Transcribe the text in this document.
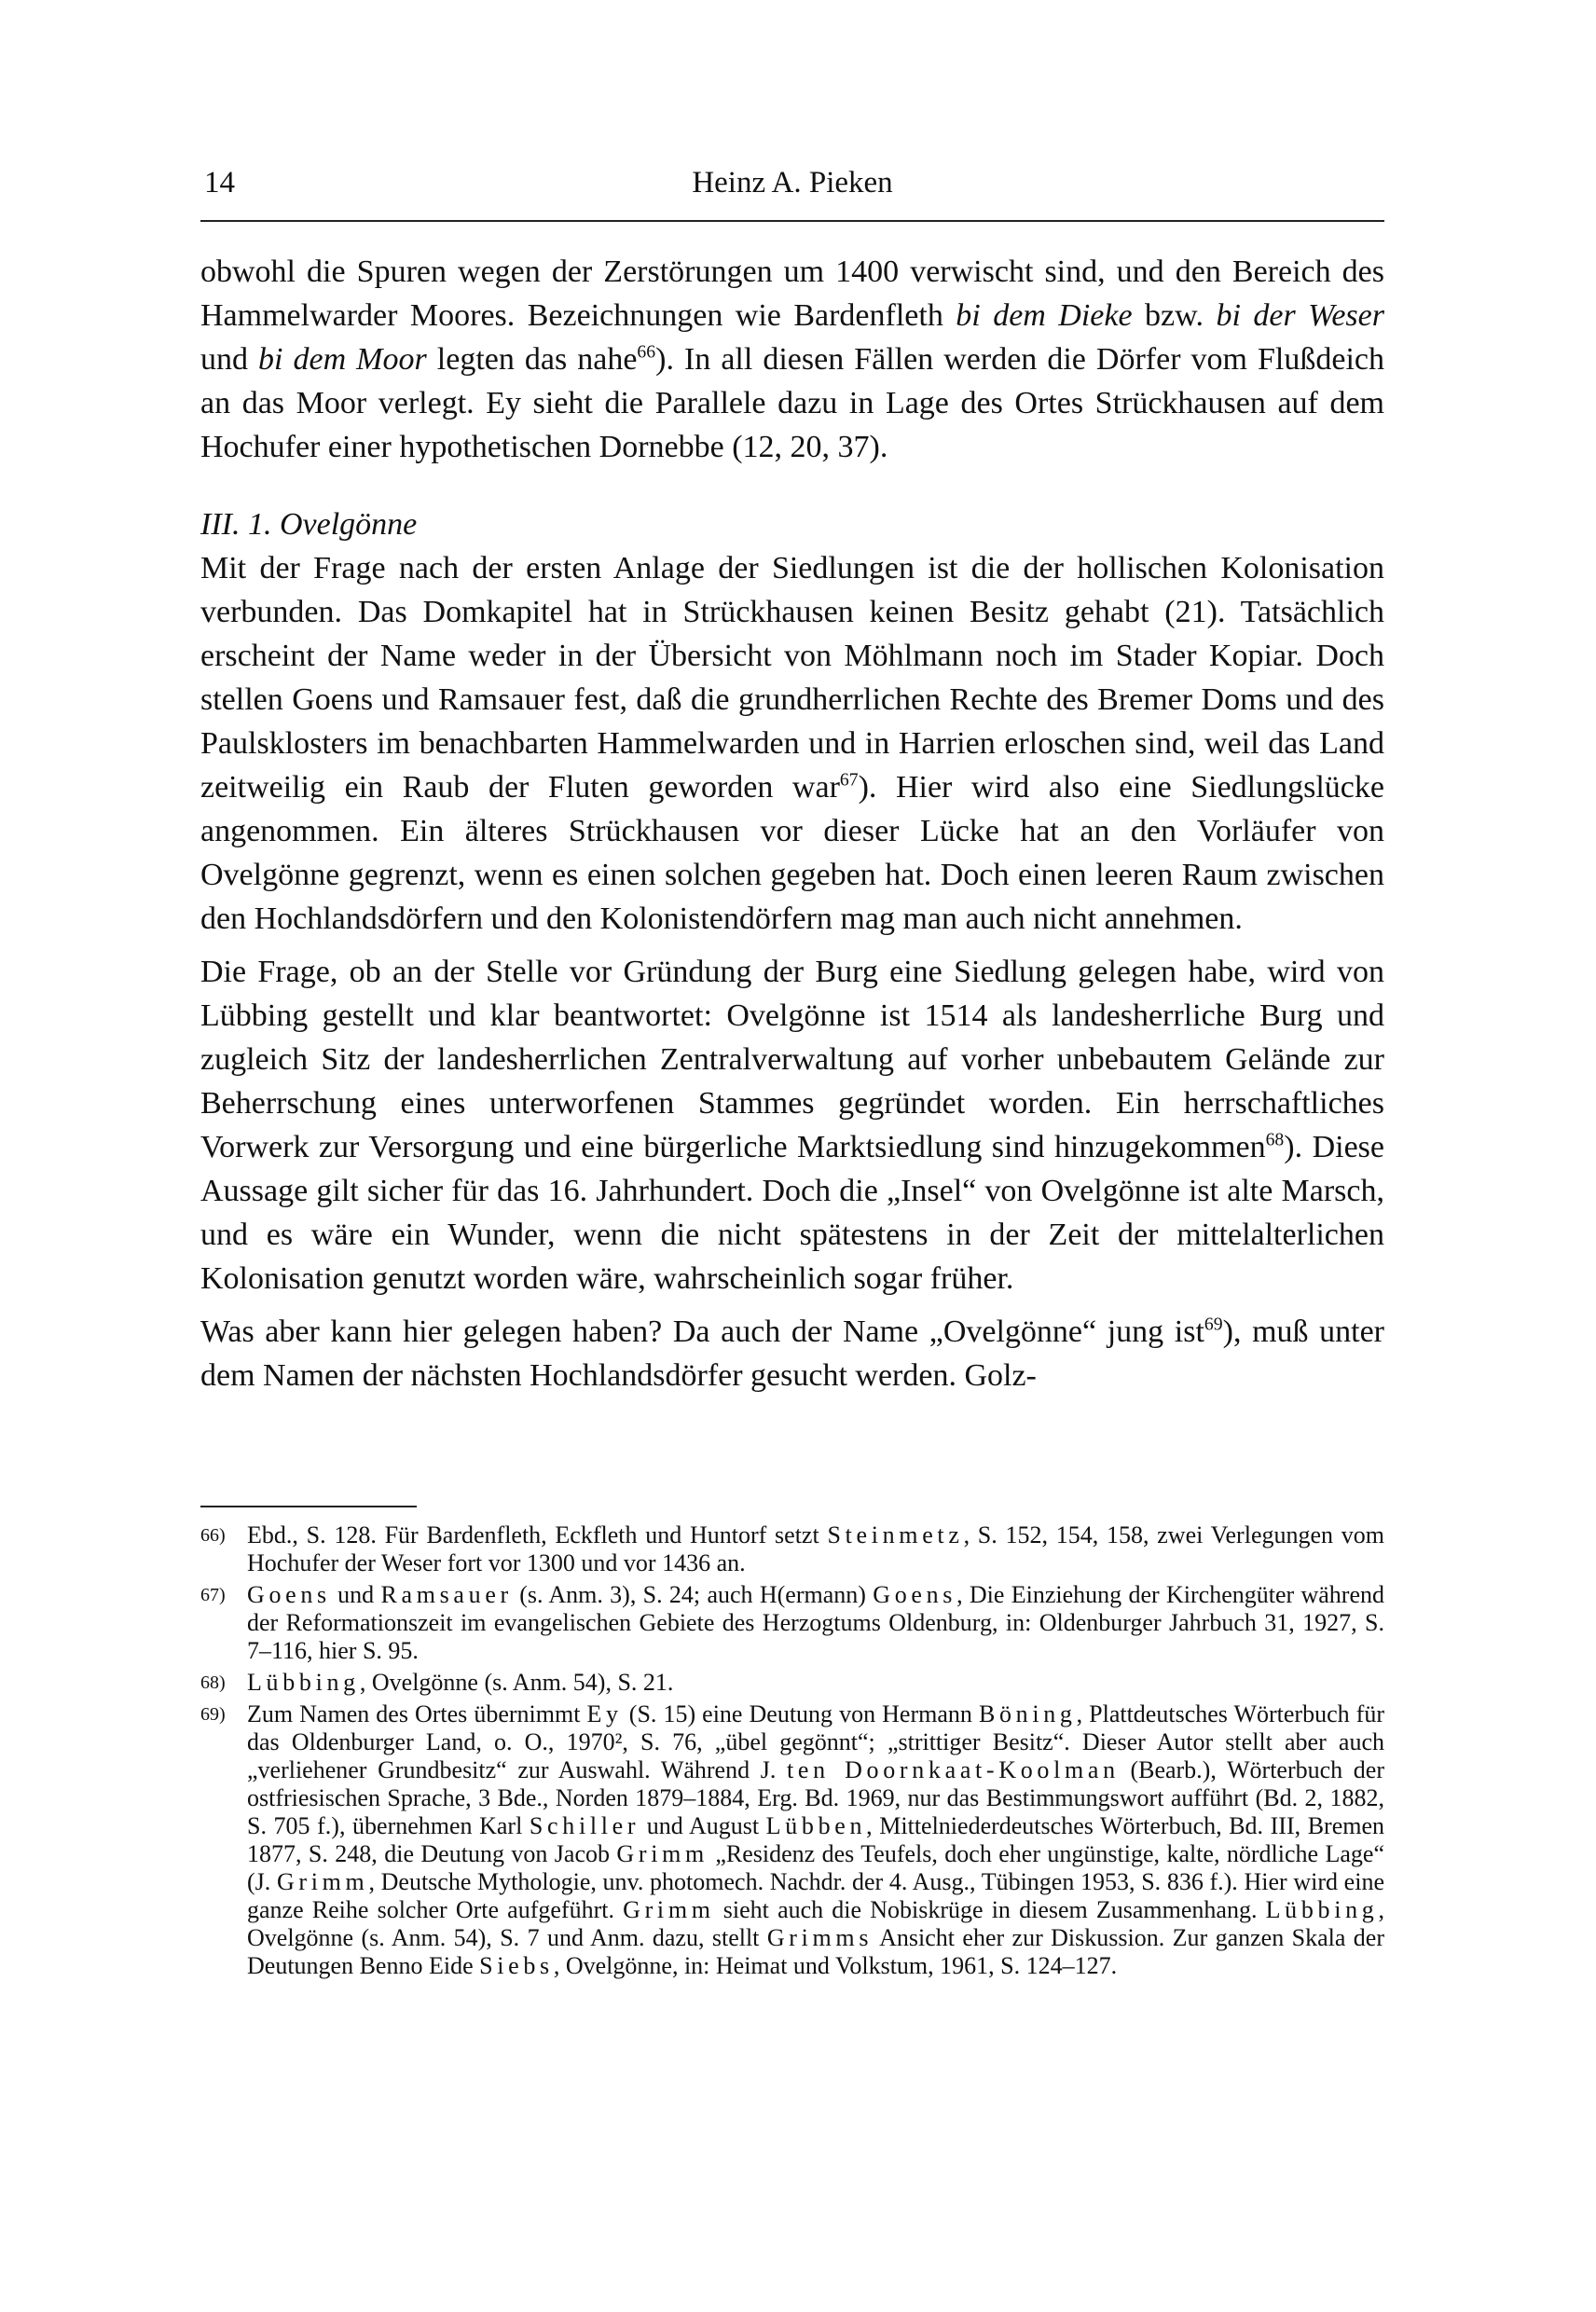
14	Heinz A. Pieken

obwohl die Spuren wegen der Zerstörungen um 1400 verwischt sind, und den Bereich des Hammelwarder Moores. Bezeichnungen wie Bardenfleth bi dem Dieke bzw. bi der Weser und bi dem Moor legten das nahe$^{66}$). In all diesen Fällen werden die Dörfer vom Flußdeich an das Moor verlegt. Ey sieht die Parallele dazu in Lage des Ortes Strückhausen auf dem Hochufer einer hypothetischen Dornebbe (12, 20, 37).

III. 1. Ovelgönne

Mit der Frage nach der ersten Anlage der Siedlungen ist die der hollischen Kolonisation verbunden. Das Domkapitel hat in Strückhausen keinen Besitz gehabt (21). Tatsächlich erscheint der Name weder in der Übersicht von Möhlmann noch im Stader Kopiar. Doch stellen Goens und Ramsauer fest, daß die grundherrlichen Rechte des Bremer Doms und des Paulsklosters im benachbarten Hammelwarden und in Harrien erloschen sind, weil das Land zeitweilig ein Raub der Fluten geworden war$^{67}$). Hier wird also eine Siedlungslücke angenommen. Ein älteres Strückhausen vor dieser Lücke hat an den Vorläufer von Ovelgönne gegrenzt, wenn es einen solchen gegeben hat. Doch einen leeren Raum zwischen den Hochlandsdörfern und den Kolonistendörfern mag man auch nicht annehmen.

Die Frage, ob an der Stelle vor Gründung der Burg eine Siedlung gelegen habe, wird von Lübbing gestellt und klar beantwortet: Ovelgönne ist 1514 als landesherrliche Burg und zugleich Sitz der landesherrlichen Zentralverwaltung auf vorher unbebautem Gelände zur Beherrschung eines unterworfenen Stammes gegründet worden. Ein herrschaftliches Vorwerk zur Versorgung und eine bürgerliche Marktsiedlung sind hinzugekommen$^{68}$). Diese Aussage gilt sicher für das 16. Jahrhundert. Doch die „Insel“ von Ovelgönne ist alte Marsch, und es wäre ein Wunder, wenn die nicht spätestens in der Zeit der mittelalterlichen Kolonisation genutzt worden wäre, wahrscheinlich sogar früher.

Was aber kann hier gelegen haben? Da auch der Name „Ovelgönne“ jung ist$^{69}$), muß unter dem Namen der nächsten Hochlandsdörfer gesucht werden. Golz-

66) Ebd., S. 128. Für Bardenfleth, Eckfleth und Huntorf setzt Steinmetz, S. 152, 154, 158, zwei Verlegungen vom Hochufer der Weser fort vor 1300 und vor 1436 an.
67) Goens und Ramsauer (s. Anm. 3), S. 24; auch H(ermann) Goens, Die Einziehung der Kirchengüter während der Reformationszeit im evangelischen Gebiete des Herzogtums Oldenburg, in: Oldenburger Jahrbuch 31, 1927, S. 7–116, hier S. 95.
68) Lübbing, Ovelgönne (s. Anm. 54), S. 21.
69) Zum Namen des Ortes übernimmt Ey (S. 15) eine Deutung von Hermann Böning, Plattdeutsches Wörterbuch für das Oldenburger Land, o. O., 1970², S. 76, „übel gegönnt“; „strittiger Besitz“. Dieser Autor stellt aber auch „verliehener Grundbesitz“ zur Auswahl. Während J. ten Doornkaat-Koolman (Bearb.), Wörterbuch der ostfriesischen Sprache, 3 Bde., Norden 1879–1884, Erg. Bd. 1969, nur das Bestimmungswort aufführt (Bd. 2, 1882, S. 705 f.), übernehmen Karl Schiller und August Lübben, Mittelniederdeutsches Wörterbuch, Bd. III, Bremen 1877, S. 248, die Deutung von Jacob Grimm „Residenz des Teufels, doch eher ungünstige, kalte, nördliche Lage“ (J. Grimm, Deutsche Mythologie, unv. photomech. Nachdr. der 4. Ausg., Tübingen 1953, S. 836 f.). Hier wird eine ganze Reihe solcher Orte aufgeführt. Grimm sieht auch die Nobiskrüge in diesem Zusammenhang. Lübbing, Ovelgönne (s. Anm. 54), S. 7 und Anm. dazu, stellt Grimms Ansicht eher zur Diskussion. Zur ganzen Skala der Deutungen Benno Eide Siebs, Ovelgönne, in: Heimat und Volkstum, 1961, S. 124–127.
